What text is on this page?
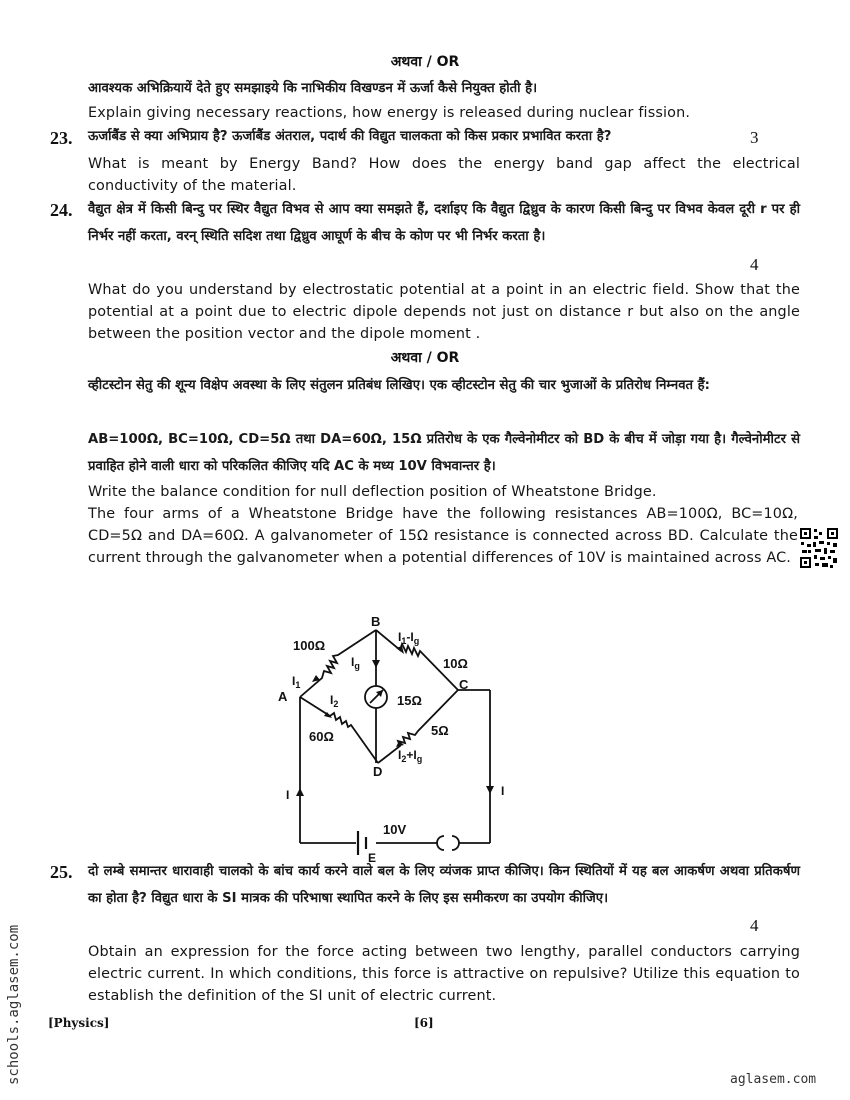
अथवा / OR
आवश्यक अभिक्रियायें देते हुए समझाइये कि नाभिकीय विखण्डन में ऊर्जा कैसे नियुक्त होती है।
Explain giving necessary reactions, how energy is released during nuclear fission.
23. ऊर्जाबैंड से क्या अभिप्राय है? ऊर्जाबैंड अंतराल, पदार्थ की विद्युत चालकता को किस प्रकार प्रभावित करता है?	3
What is meant by Energy Band? How does the energy band gap affect the electrical conductivity of the material.
24. वैद्युत क्षेत्र में किसी बिन्दु पर स्थिर वैद्युत विभव से आप क्या समझते हैं, दर्शाइए कि वैद्युत द्विध्रुव के कारण किसी बिन्दु पर विभव केवल दूरी r पर ही निर्भर नहीं करता, वरन् स्थिति सदिश तथा द्विध्रुव आघूर्ण के बीच के कोण पर भी निर्भर करता है।
4
What do you understand by electrostatic potential at a point in an electric field. Show that the potential at a point due to electric dipole depends not just on distance r but also on the angle between the position vector and the dipole moment .
अथवा / OR
व्हीटस्टोन सेतु की शून्य विक्षेप अवस्था के लिए संतुलन प्रतिबंध लिखिए। एक व्हीटस्टोन सेतु की चार भुजाओं के प्रतिरोध निम्नवत हैं:
AB=100Ω, BC=10Ω, CD=5Ω तथा DA=60Ω, 15Ω प्रतिरोध के एक गैल्वेनोमीटर को BD के बीच में जोड़ा गया है। गैल्वेनोमीटर से प्रवाहित होने वाली धारा को परिकलित कीजिए यदि AC के मध्य 10V विभवान्तर है।
Write the balance condition for null deflection position of Wheatstone Bridge.
The four arms of a Wheatstone Bridge have the following resistances AB=100Ω, BC=10Ω, CD=5Ω and DA=60Ω. A galvanometer of 15Ω resistance is connected across BD. Calculate the current through the galvanometer when a potential differences of 10V is maintained across AC.
B
A
C
D
E
100Ω
10Ω
60Ω	5Ω
15Ω
$I_1$
$I_1-I_g$
$I_g$
$I_2$
$I_2+I_g$
I	I
10V
25. दो लम्बे समान्तर धारावाही चालको के बांच कार्य करने वाले बल के लिए व्यंजक प्राप्त कीजिए। किन स्थितियों में यह बल आकर्षण अथवा प्रतिकर्षण का होता है? विद्युत धारा के SI मात्रक की परिभाषा स्थापित करने के लिए इस समीकरण का उपयोग कीजिए।
4
Obtain an expression for the force acting between two lengthy, parallel conductors carrying electric current. In which conditions, this force is attractive on repulsive? Utilize this equation to establish the definition of the SI unit of electric current.
[Physics]	[6]
schools.aglasem.com	aglasem.com
